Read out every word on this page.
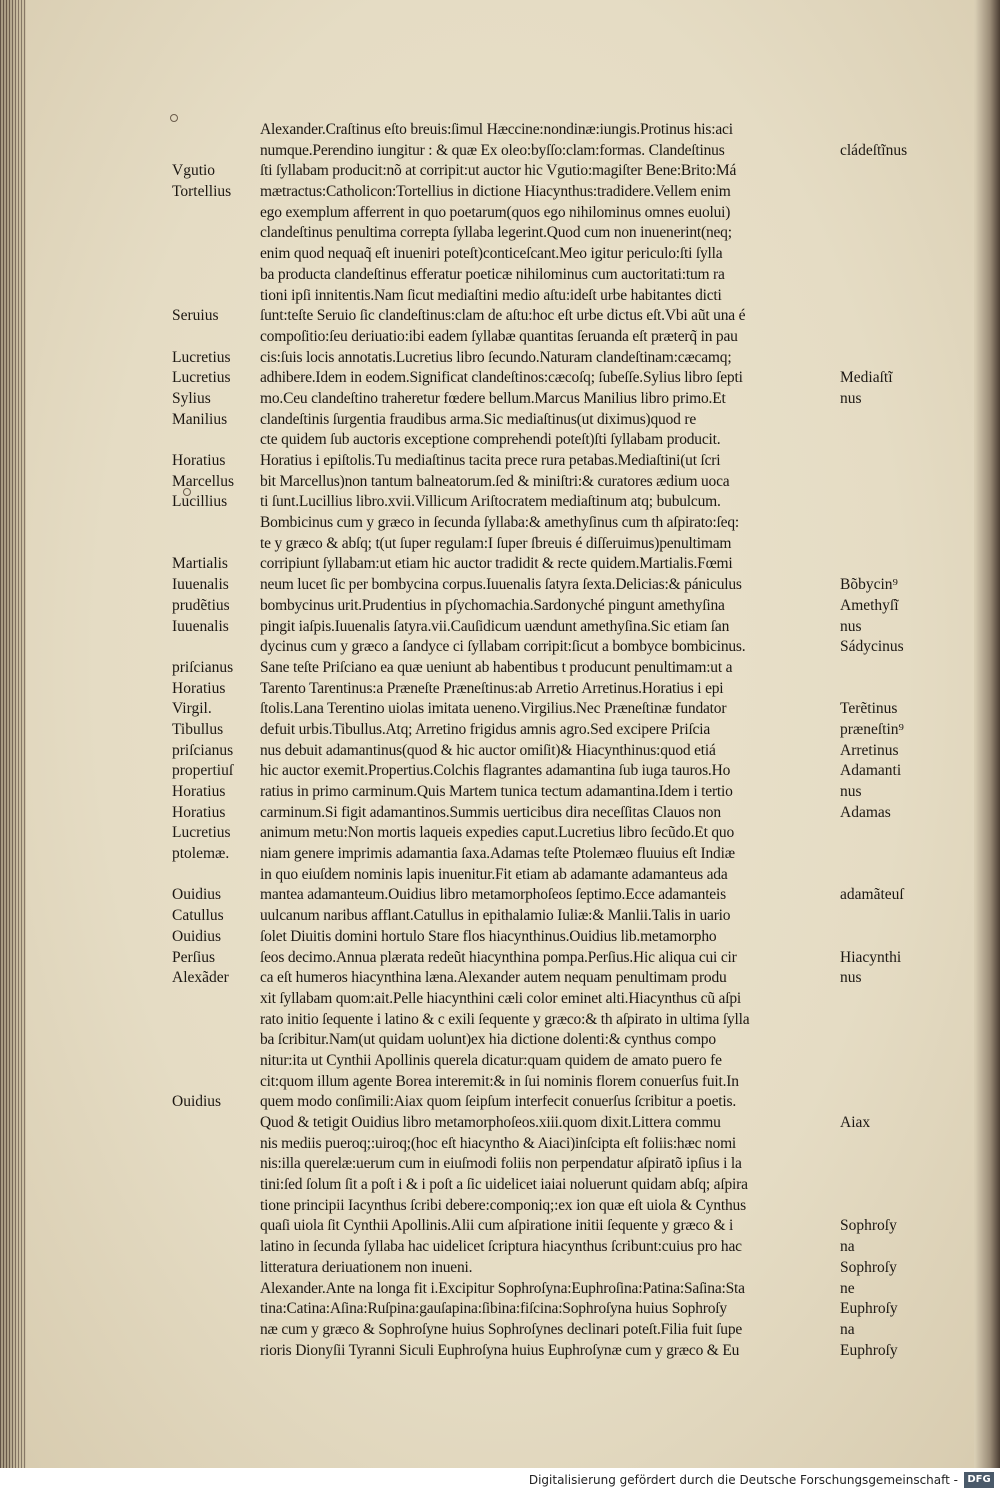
Vgutio
Tortellius
Seruius
Lucretius
Lucretius
Sylius
Manilius
Horatius
Marcellus
Lucillius
Martialis
Iuuenalis
prudẽtius
Iuuenalis
priſcianus
Horatius
Virgil.
Tibullus
priſcianus
propertiuſ
Horatius
Horatius
Lucretius
ptolemæ.
Ouidius
Catullus
Ouidius
Perſius
Alexãder
Ouidius
Alexander.Craſtinus eſto breuis:ſimul Hæccine:nondinæ:iungis.Protinus his:aci
numque.Perendino iungitur : & quæ Ex oleo:byſſo:clam:formas. Clandeſtinus
ſti ſyllabam producit:nõ at corripit:ut auctor hic Vgutio:magiſter Bene:Brito:Má
mætractus:Catholicon:Tortellius in dictione Hiacynthus:tradidere.Vellem enim
ego exemplum afferrent in quo poetarum(quos ego nihilominus omnes euolui)
clandeſtinus penultima correpta ſyllaba legerint.Quod cum non inuenerint(neq;
enim quod nequaq̃ eſt inueniri poteſt)conticeſcant.Meo igitur periculo:ſti ſylla
ba producta clandeſtinus efferatur poeticæ nihilominus cum auctoritati:tum ra
tioni ipſi innitentis.Nam ſicut mediaſtini medio aſtu:ideſt urbe habitantes dicti
ſunt:teſte Seruio ſic clandeſtinus:clam de aſtu:hoc eſt urbe dictus eſt.Vbi aũt una é
compoſitio:ſeu deriuatio:ibi eadem ſyllabæ quantitas ſeruanda eſt præterq̃ in pau
cis:ſuis locis annotatis.Lucretius libro ſecundo.Naturam clandeſtinam:cæcamq;
adhibere.Idem in eodem.Significat clandeſtinos:cæcoſq; ſubeſſe.Sylius libro ſepti
mo.Ceu clandeſtino traheretur fœdere bellum.Marcus Manilius libro primo.Et
clandeſtinis ſurgentia fraudibus arma.Sic mediaſtinus(ut diximus)quod re
cte quidem ſub auctoris exceptione comprehendi poteſt)ſti ſyllabam producit.
Horatius i epiſtolis.Tu mediaſtinus tacita prece rura petabas.Mediaſtini(ut ſcri
bit Marcellus)non tantum balneatorum.ſed & miniſtri:& curatores ædium uoca
ti ſunt.Lucillius libro.xvii.Villicum Ariſtocratem mediaſtinum atq; bubulcum.
Bombicinus cum y græco in ſecunda ſyllaba:& amethyſinus cum th aſpirato:ſeq:
te y græco & abſq; t(ut ſuper regulam:I ſuper ſbreuis é diſſeruimus)penultimam
corripiunt ſyllabam:ut etiam hic auctor tradidit & recte quidem.Martialis.Fœmi
neum lucet ſic per bombycina corpus.Iuuenalis ſatyra ſexta.Delicias:& pániculus
bombycinus urit.Prudentius in pſychomachia.Sardonyché pingunt amethyſina
pingit iaſpis.Iuuenalis ſatyra.vii.Cauſidicum uændunt amethyſina.Sic etiam ſan
dycinus cum y græco a ſandyce ci ſyllabam corripit:ſicut a bombyce bombicinus.
Sane teſte Priſciano ea quæ ueniunt ab habentibus t producunt penultimam:ut a
Tarento Tarentinus:a Præneſte Præneſtinus:ab Arretio Arretinus.Horatius i epi
ſtolis.Lana Terentino uiolas imitata ueneno.Virgilius.Nec Præneſtinæ fundator
defuit urbis.Tibullus.Atq; Arretino frigidus amnis agro.Sed excipere Priſcia
nus debuit adamantinus(quod & hic auctor omiſit)& Hiacynthinus:quod etiá
hic auctor exemit.Propertius.Colchis flagrantes adamantina ſub iuga tauros.Ho
ratius in primo carminum.Quis Martem tunica tectum adamantina.Idem i tertio
carminum.Si figit adamantinos.Summis uerticibus dira neceſſitas Clauos non
animum metu:Non mortis laqueis expedies caput.Lucretius libro ſecũdo.Et quo
niam genere imprimis adamantia ſaxa.Adamas teſte Ptolemæo fluuius eſt Indiæ
in quo eiuſdem nominis lapis inuenitur.Fit etiam ab adamante adamanteus ada
manteа adamanteum.Ouidius libro metamorphoſeos ſeptimo.Ecce adamanteis
uulcanum naribus afflant.Catullus in epithalamio Iuliæ:& Manlii.Talis in uario
ſolet Diuitis domini hortulo Stare flos hiacynthinus.Ouidius lib.metamorpho
ſeos decimo.Annua plærata redeũt hiacynthina pompa.Perſius.Hic aliqua cui cir
ca eſt humeros hiacynthina læna.Alexander autem nequam penultimam produ
xit ſyllabam quom:ait.Pelle hiacynthini cæli color eminet alti.Hiacynthus cũ aſpi
rato initio ſequente i latino & c exili ſequente y græco:& th aſpirato in ultima ſylla
ba ſcribitur.Nam(ut quidam uolunt)ex hia dictione dolenti:& cynthus compo
nitur:ita ut Cynthii Apollinis querela dicatur:quam quidem de amato puero fe
cit:quom illum agente Borea interemit:& in ſui nominis florem conuerſus fuit.In
quem modo conſimili:Aiax quom ſeipſum interfecit conuerſus ſcribitur a poetis.
Quod & tetigit Ouidius libro metamorphoſeos.xiii.quom dixit.Littera commu
nis mediis pueroq;:uiroq;(hoc eſt hiacyntho & Aiaci)inſcipta eſt foliis:hæc nomi
nis:illa querelæ:uerum cum in eiuſmodi foliis non perpendatur aſpiratõ ipſius i la
tini:ſed ſolum ſit a poſt i & i poſt a ſic uidelicet iaiai noluerunt quidam abſq; aſpira
tione principii Iacynthus ſcribi debere:componiq;:ex ion quæ eſt uiola & Cynthus
quaſi uiola ſit Cynthii Apollinis.Alii cum aſpiratione initii ſequente y græco & i
latino in ſecunda ſyllaba hac uidelicet ſcriptura hiacynthus ſcribunt:cuius pro hac
litteratura deriuationem non inueni.
Alexander.Ante na longa fit i.Excipitur Sophroſyna:Euphroſina:Patina:Saſina:Sta
tina:Catina:Aſina:Ruſpina:gauſapina:ſibina:fiſcina:Sophroſyna huius Sophroſy
næ cum y græco & Sophroſyne huius Sophroſynes declinari poteſt.Filia fuit ſupe
rioris Dionyſii Tyranni Siculi Euphroſyna huius Euphroſynæ cum y græco & Eu
cládeſtĩnus
Mediaſtĩ
nus
Bõbycin⁹
Amethyſĩ
nus
Sádycinus
Terẽtinus
præneſtin⁹
Arretinus
Adamanti
nus
Adamas
adamãteuſ
Hiacynthi
nus
Aiax
Sophroſy
na
Sophroſy
ne
Euphroſy
na
Euphroſy
Digitalisierung gefördert durch die Deutsche Forschungsgemeinschaft - DFG
